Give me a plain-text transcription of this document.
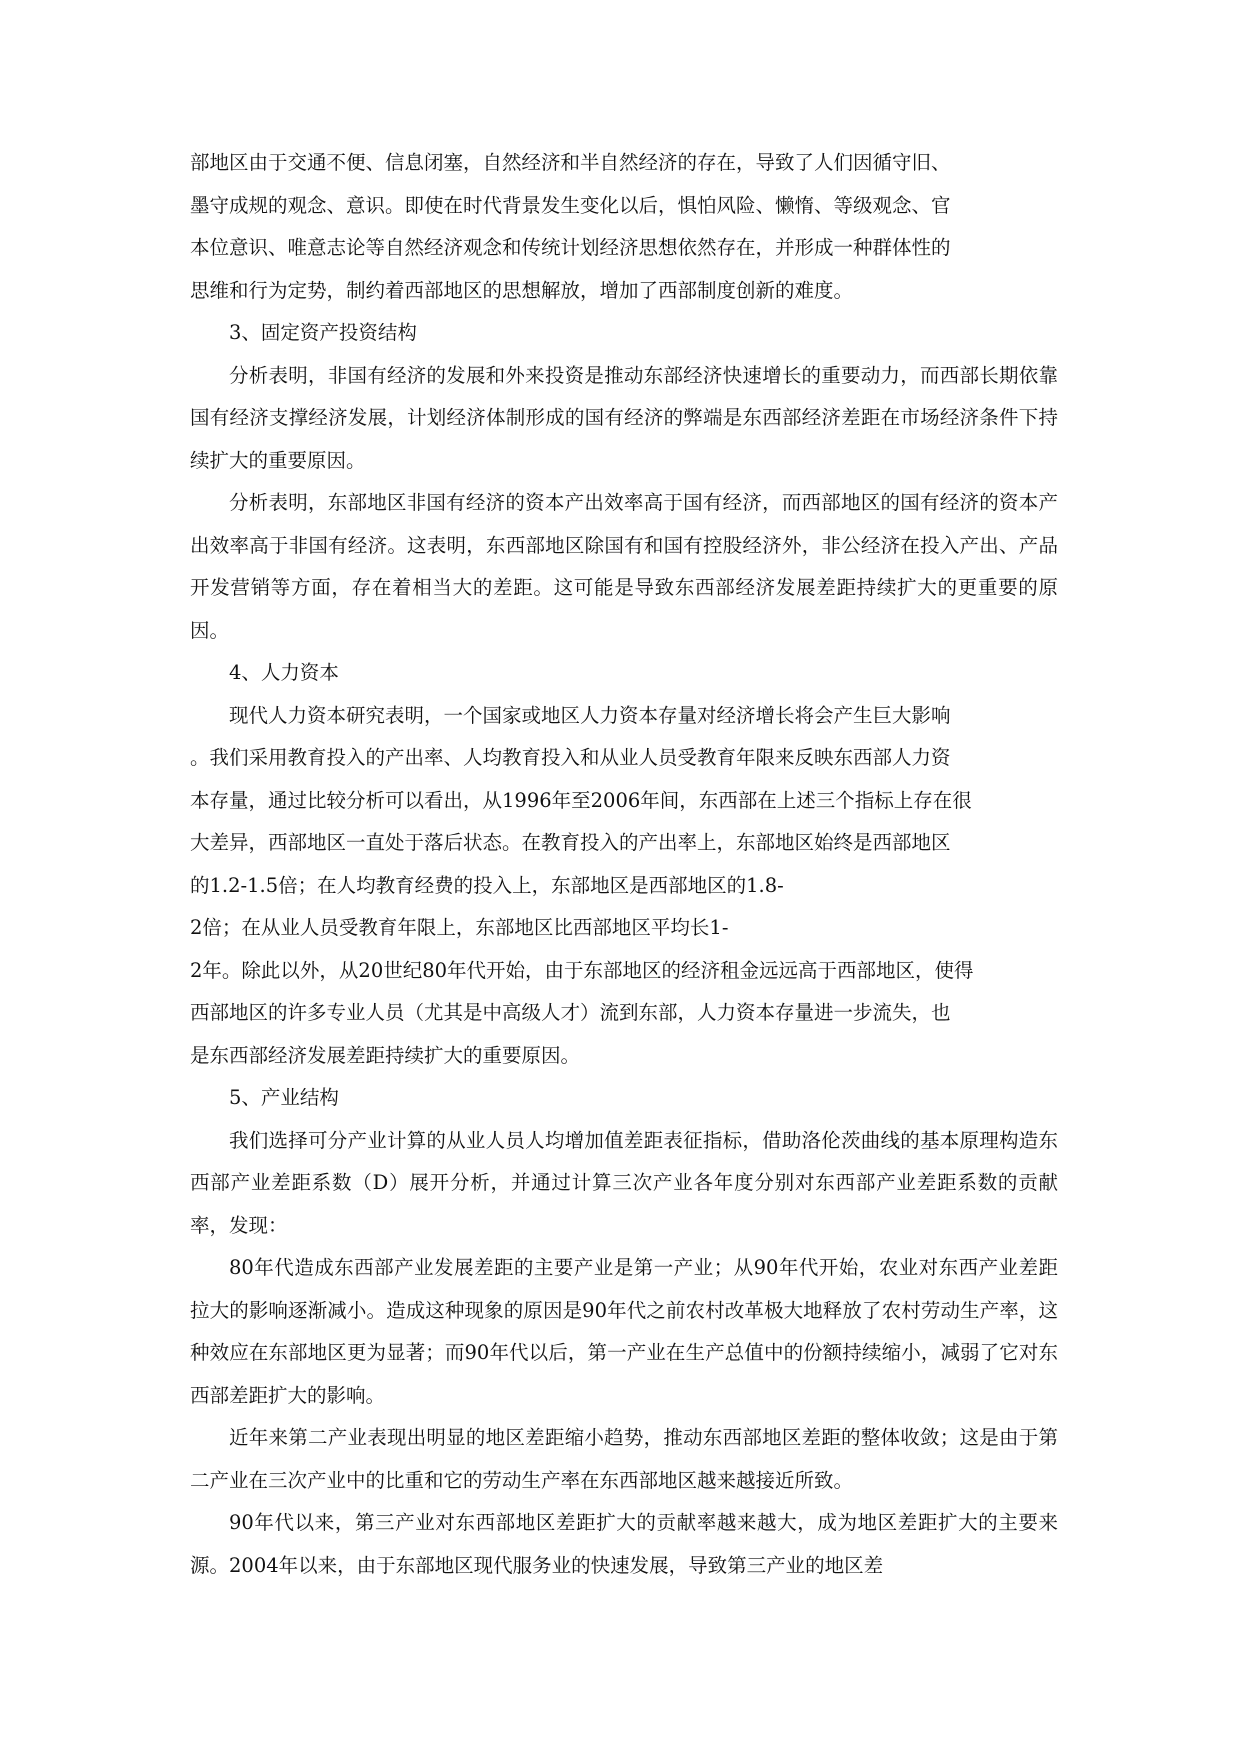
部地区由于交通不便、信息闭塞，自然经济和半自然经济的存在，导致了人们因循守旧、
墨守成规的观念、意识。即使在时代背景发生变化以后，惧怕风险、懒惰、等级观念、官
本位意识、唯意志论等自然经济观念和传统计划经济思想依然存在，并形成一种群体性的
思维和行为定势，制约着西部地区的思想解放，增加了西部制度创新的难度。
3、固定资产投资结构
分析表明，非国有经济的发展和外来投资是推动东部经济快速增长的重要动力，而西部长期依靠国有经济支撑经济发展，计划经济体制形成的国有经济的弊端是东西部经济差距在市场经济条件下持续扩大的重要原因。
分析表明，东部地区非国有经济的资本产出效率高于国有经济，而西部地区的国有经济的资本产出效率高于非国有经济。这表明，东西部地区除国有和国有控股经济外，非公经济在投入产出、产品开发营销等方面，存在着相当大的差距。这可能是导致东西部经济发展差距持续扩大的更重要的原因。
4、人力资本
现代人力资本研究表明，一个国家或地区人力资本存量对经济增长将会产生巨大影响
。我们采用教育投入的产出率、人均教育投入和从业人员受教育年限来反映东西部人力资
本存量，通过比较分析可以看出，从1996年至2006年间，东西部在上述三个指标上存在很
大差异，西部地区一直处于落后状态。在教育投入的产出率上，东部地区始终是西部地区
的1.2-1.5倍；在人均教育经费的投入上，东部地区是西部地区的1.8-
2倍；在从业人员受教育年限上，东部地区比西部地区平均长1-
2年。除此以外，从20世纪80年代开始，由于东部地区的经济租金远远高于西部地区，使得
西部地区的许多专业人员（尤其是中高级人才）流到东部，人力资本存量进一步流失，也
是东西部经济发展差距持续扩大的重要原因。
5、产业结构
我们选择可分产业计算的从业人员人均增加值差距表征指标，借助洛伦茨曲线的基本原理构造东西部产业差距系数（D）展开分析，并通过计算三次产业各年度分别对东西部产业差距系数的贡献率，发现：
80年代造成东西部产业发展差距的主要产业是第一产业；从90年代开始，农业对东西产业差距拉大的影响逐渐减小。造成这种现象的原因是90年代之前农村改革极大地释放了农村劳动生产率，这种效应在东部地区更为显著；而90年代以后，第一产业在生产总值中的份额持续缩小，减弱了它对东西部差距扩大的影响。
近年来第二产业表现出明显的地区差距缩小趋势，推动东西部地区差距的整体收敛；这是由于第二产业在三次产业中的比重和它的劳动生产率在东西部地区越来越接近所致。
90年代以来，第三产业对东西部地区差距扩大的贡献率越来越大，成为地区差距扩大的主要来源。2004年以来，由于东部地区现代服务业的快速发展，导致第三产业的地区差
